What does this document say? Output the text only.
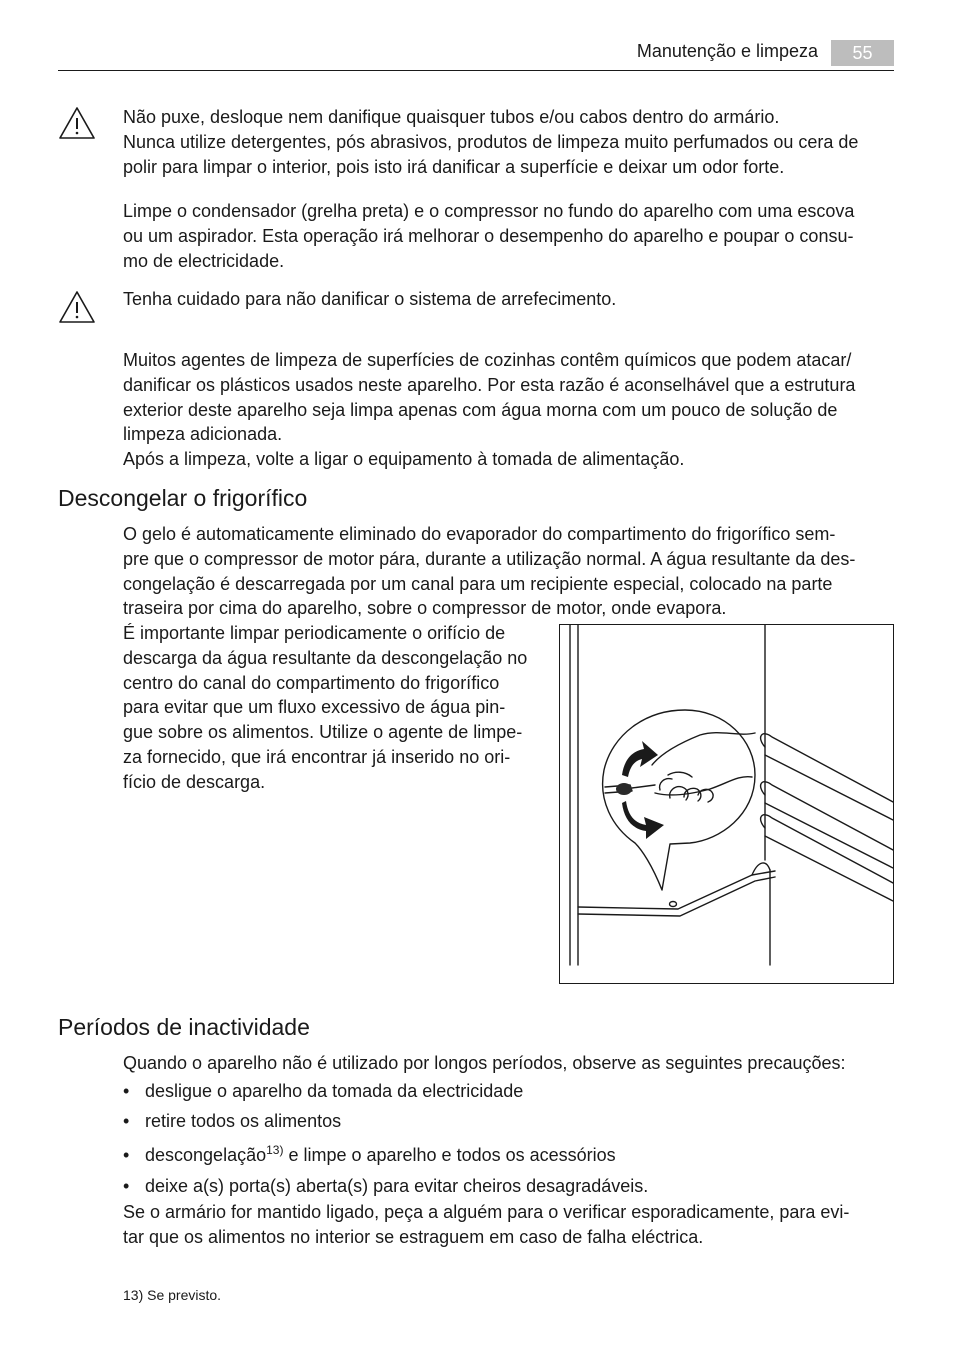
Manutenção e limpeza	55

Não puxe, desloque nem danifique quaisquer tubos e/ou cabos dentro do armário.
Nunca utilize detergentes, pós abrasivos, produtos de limpeza muito perfumados ou cera de
polir para limpar o interior, pois isto irá danificar a superfície e deixar um odor forte.

Limpe o condensador (grelha preta) e o compressor no fundo do aparelho com uma escova
ou um aspirador. Esta operação irá melhorar o desempenho do aparelho e poupar o consu-
mo de electricidade.

Tenha cuidado para não danificar o sistema de arrefecimento.

Muitos agentes de limpeza de superfícies de cozinhas contêm químicos que podem atacar/
danificar os plásticos usados neste aparelho. Por esta razão é aconselhável que a estrutura
exterior deste aparelho seja limpa apenas com água morna com um pouco de solução de
limpeza adicionada.
Após a limpeza, volte a ligar o equipamento à tomada de alimentação.

Descongelar o frigorífico

O gelo é automaticamente eliminado do evaporador do compartimento do frigorífico sem-
pre que o compressor de motor pára, durante a utilização normal. A água resultante da des-
congelação é descarregada por um canal para um recipiente especial, colocado na parte
traseira por cima do aparelho, sobre o compressor de motor, onde evapora.

É importante limpar periodicamente o orifício de
descarga da água resultante da descongelação no
centro do canal do compartimento do frigorífico
para evitar que um fluxo excessivo de água pin-
gue sobre os alimentos. Utilize o agente de limpe-
za fornecido, que irá encontrar já inserido no ori-
fício de descarga.

Períodos de inactividade

Quando o aparelho não é utilizado por longos períodos, observe as seguintes precauções:

• desligue o aparelho da tomada da electricidade
• retire todos os alimentos
• descongelação$^{13)}$ e limpe o aparelho e todos os acessórios
• deixe a(s) porta(s) aberta(s) para evitar cheiros desagradáveis.

Se o armário for mantido ligado, peça a alguém para o verificar esporadicamente, para evi-
tar que os alimentos no interior se estraguem em caso de falha eléctrica.

13) Se previsto.
